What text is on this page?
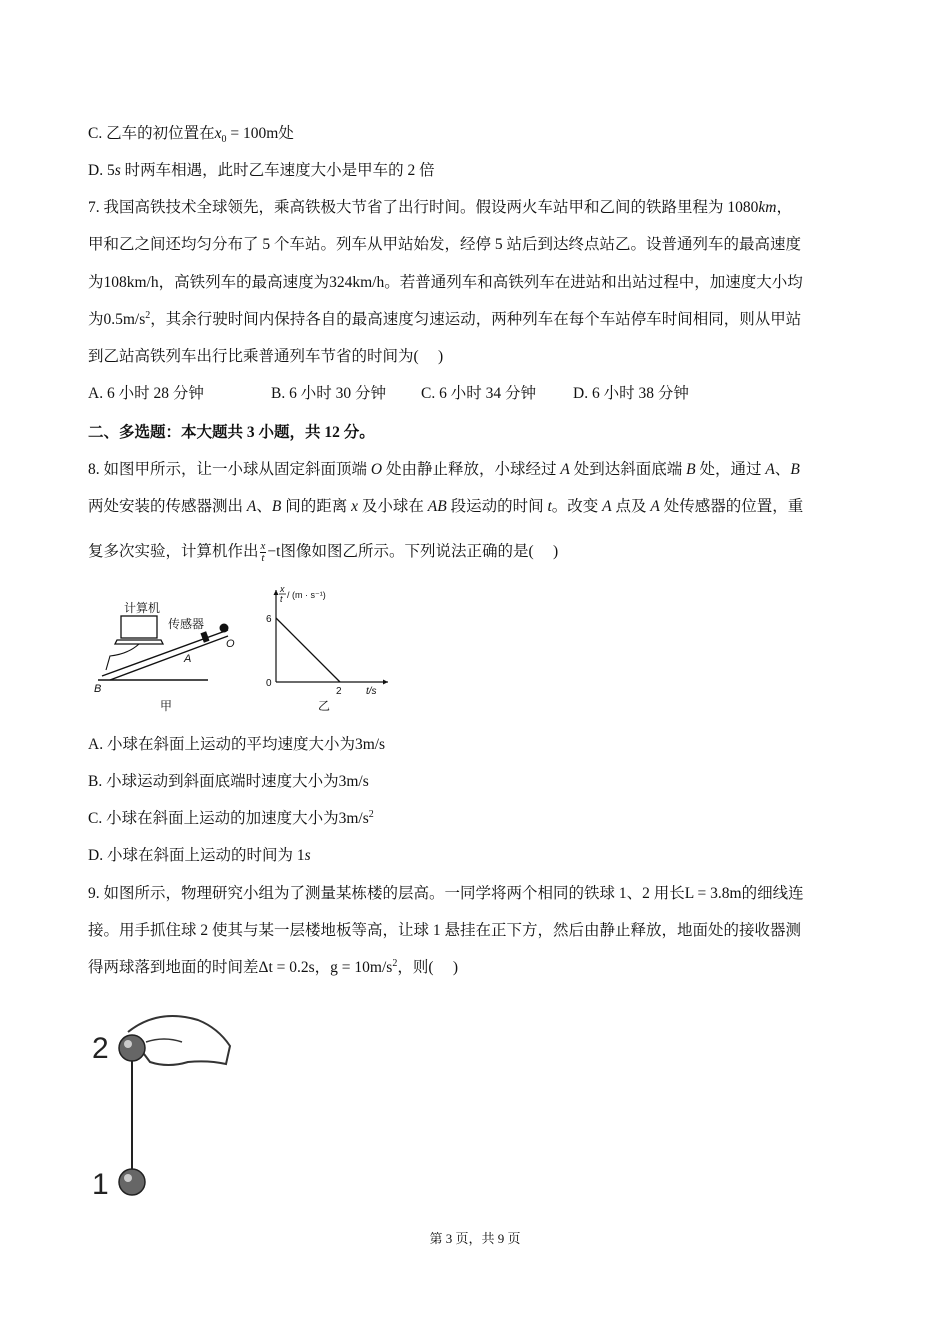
C. 乙车的初位置在$x_0 = 100m$处
D. 5s 时两车相遇，此时乙车速度大小是甲车的 2 倍
7. 我国高铁技术全球领先，乘高铁极大节省了出行时间。假设两火车站甲和乙间的铁路里程为 1080km，
甲和乙之间还均匀分布了 5 个车站。列车从甲站始发，经停 5 站后到达终点站乙。设普通列车的最高速度
为108km/h，高铁列车的最高速度为324km/h。若普通列车和高铁列车在进站和出站过程中，加速度大小均
为$0.5m/s^2$，其余行驶时间内保持各自的最高速度匀速运动，两种列车在每个车站停车时间相同，则从甲站
到乙站高铁列车出行比乘普通列车节省的时间为(　 )
A. 6 小时 28 分钟	B. 6 小时 30 分钟 C. 6 小时 34 分钟 D. 6 小时 38 分钟
二、多选题：本大题共 3 小题，共 12 分。
8. 如图甲所示，让一小球从固定斜面顶端 O 处由静止释放，小球经过 A 处到达斜面底端 B 处，通过 A、B
两处安装的传感器测出 A、B 间的距离 x 及小球在 AB 段运动的时间 t。改变 A 点及 A 处传感器的位置，重
复多次实验，计算机作出 $\frac{x}{t} -t$图像如图乙所示。下列说法正确的是(　 )
计算机
传感器
A
O
B
甲
x
t / (m · s⁻¹)
t/s
6
0
2
乙
A. 小球在斜面上运动的平均速度大小为3m/s
B. 小球运动到斜面底端时速度大小为3m/s
C. 小球在斜面上运动的加速度大小为$3m/s^2$
D. 小球在斜面上运动的时间为 1s
9. 如图所示，物理研究小组为了测量某栋楼的层高。一同学将两个相同的铁球 1、2 用长L = 3.8m的细线连
接。用手抓住球 2 使其与某一层楼地板等高，让球 1 悬挂在正下方，然后由静止释放，地面处的接收器测
得两球落到地面的时间差Δt = 0.2s，$g = 10m/s^2$，则(　 )
2
1
第 3 页，共 9 页
